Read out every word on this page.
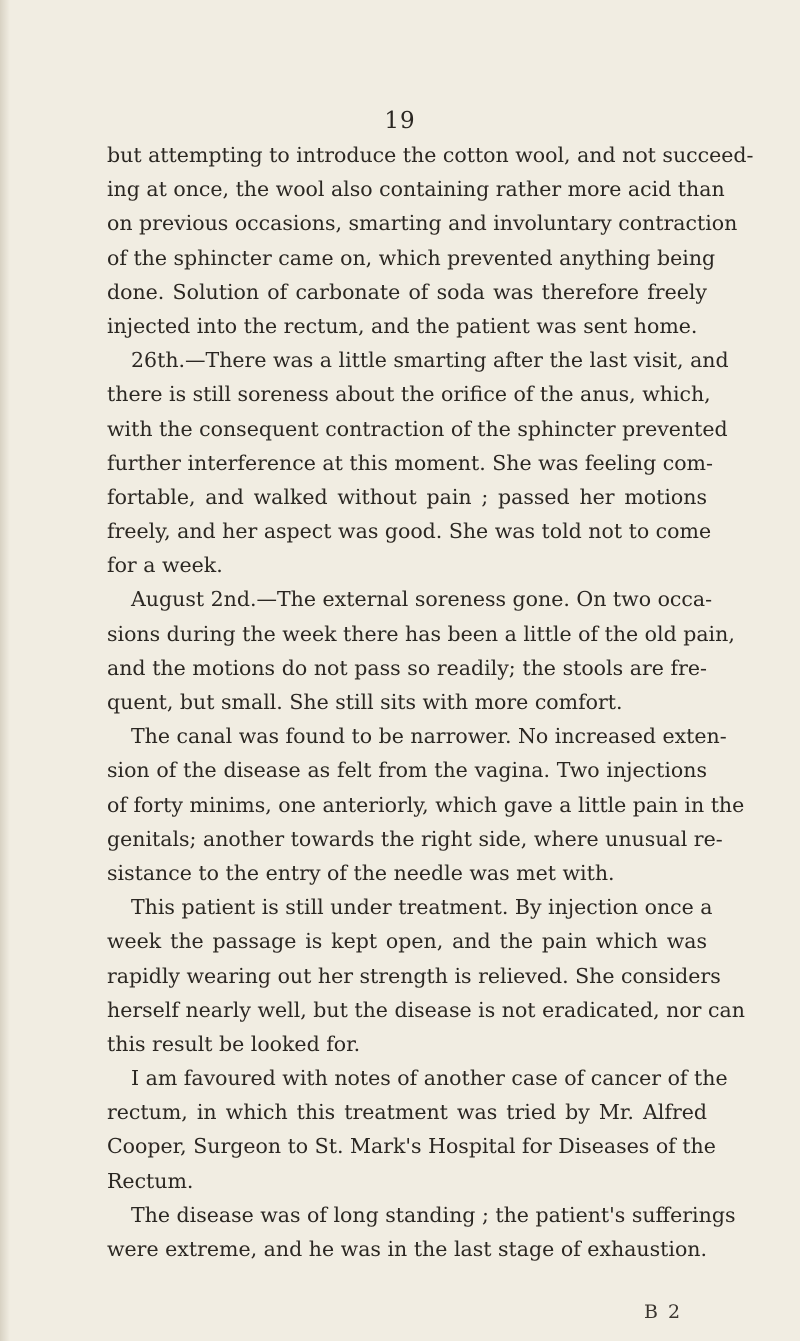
19
but attempting to introduce the cotton wool, and not succeed-
ing at once, the wool also containing rather more acid than
on previous occasions, smarting and involuntary contraction
of the sphincter came on, which prevented anything being
done. Solution of carbonate of soda was therefore freely
injected into the rectum, and the patient was sent home.
26th.—There was a little smarting after the last visit, and
there is still soreness about the orifice of the anus, which,
with the consequent contraction of the sphincter prevented
further interference at this moment. She was feeling com-
fortable, and walked without pain ; passed her motions
freely, and her aspect was good. She was told not to come
for a week.
August 2nd.—The external soreness gone. On two occa-
sions during the week there has been a little of the old pain,
and the motions do not pass so readily; the stools are fre-
quent, but small. She still sits with more comfort.
The canal was found to be narrower. No increased exten-
sion of the disease as felt from the vagina. Two injections
of forty minims, one anteriorly, which gave a little pain in the
genitals; another towards the right side, where unusual re-
sistance to the entry of the needle was met with.
This patient is still under treatment. By injection once a
week the passage is kept open, and the pain which was
rapidly wearing out her strength is relieved. She considers
herself nearly well, but the disease is not eradicated, nor can
this result be looked for.
I am favoured with notes of another case of cancer of the
rectum, in which this treatment was tried by Mr. Alfred
Cooper, Surgeon to St. Mark's Hospital for Diseases of the
Rectum.
The disease was of long standing ; the patient's sufferings
were extreme, and he was in the last stage of exhaustion.
B 2
